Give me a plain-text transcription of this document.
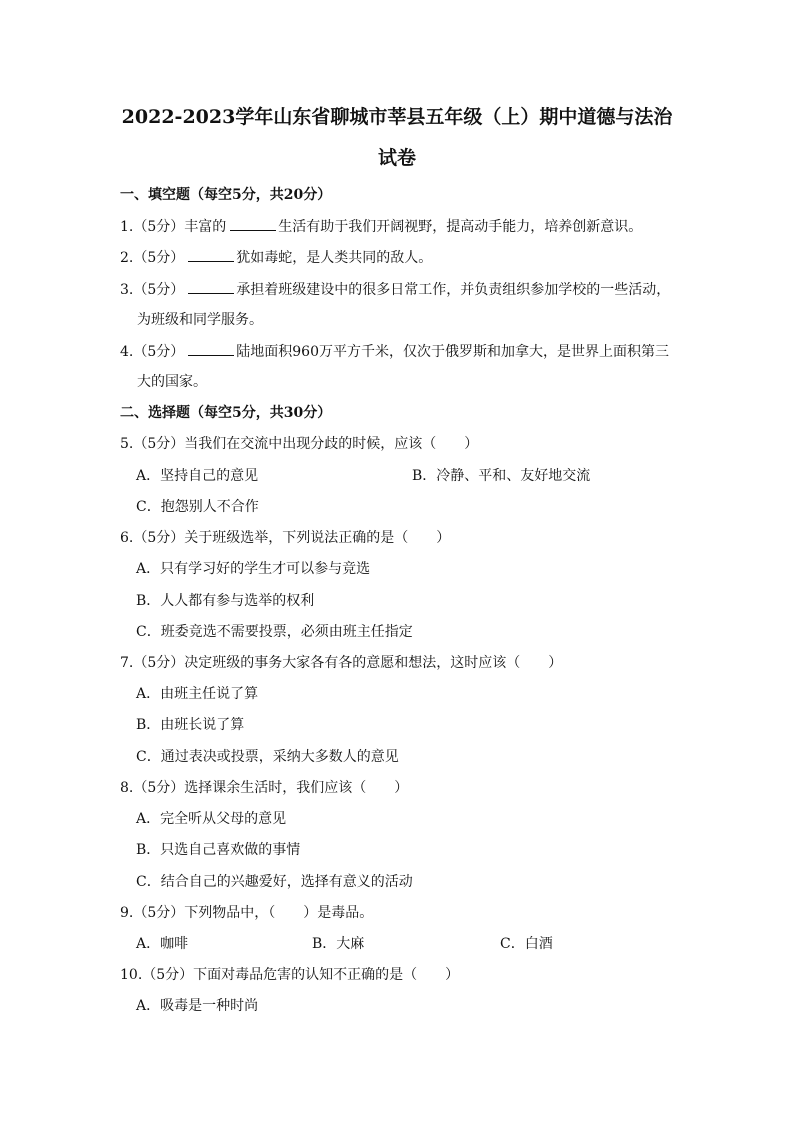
2022-2023学年山东省聊城市莘县五年级（上）期中道德与法治
试卷
一、填空题（每空5分，共20分）
1.（5分）丰富的	生活有助于我们开阔视野，提高动手能力，培养创新意识。
2.（5分）	犹如毒蛇，是人类共同的敌人。
3.（5分）	承担着班级建设中的很多日常工作，并负责组织参加学校的一些活动，
为班级和同学服务。
4.（5分）	陆地面积960万平方千米，仅次于俄罗斯和加拿大，是世界上面积第三
大的国家。
二、选择题（每空5分，共30分）
5.（5分）当我们在交流中出现分歧的时候，应该（　　）
A．坚持自己的意见	B．冷静、平和、友好地交流
C．抱怨别人不合作
6.（5分）关于班级选举，下列说法正确的是（　　）
A．只有学习好的学生才可以参与竞选
B．人人都有参与选举的权利
C．班委竞选不需要投票，必须由班主任指定
7.（5分）决定班级的事务大家各有各的意愿和想法，这时应该（　　）
A．由班主任说了算
B．由班长说了算
C．通过表决或投票，采纳大多数人的意见
8.（5分）选择课余生活时，我们应该（　　）
A．完全听从父母的意见
B．只选自己喜欢做的事情
C．结合自己的兴趣爱好，选择有意义的活动
9.（5分）下列物品中，（　　）是毒品。
A．咖啡	B．大麻	C．白酒
10.（5分）下面对毒品危害的认知不正确的是（　　）
A．吸毒是一种时尚
